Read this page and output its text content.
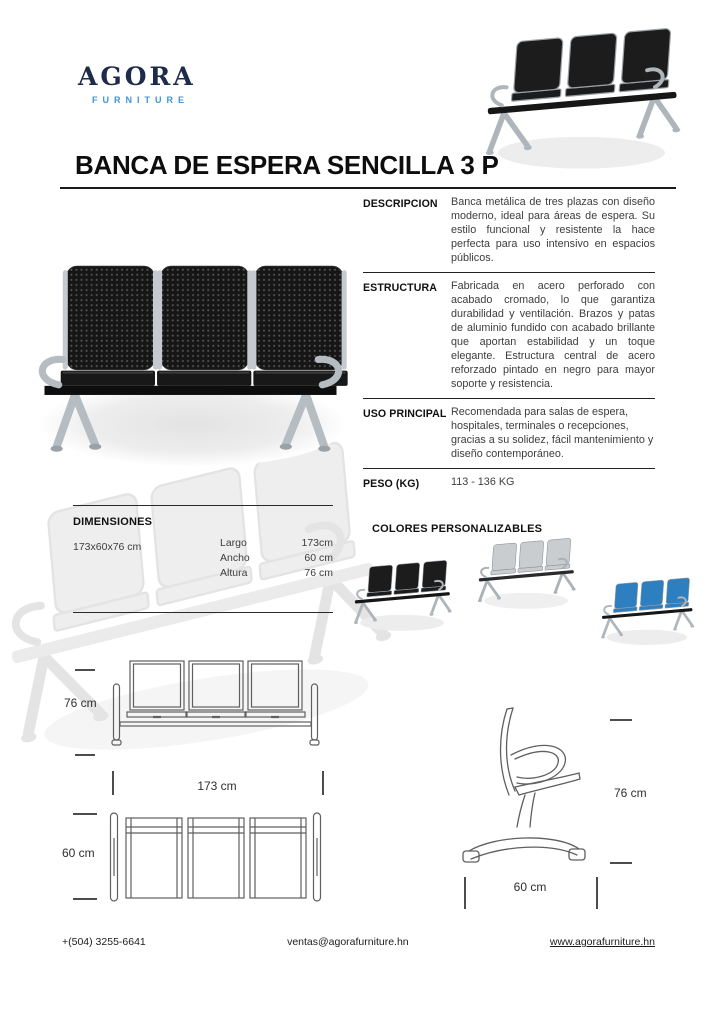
AGORA
FURNITURE
BANCA DE ESPERA SENCILLA 3 P
DESCRIPCION	Banca metálica de tres plazas con diseño moderno, ideal para áreas de espera. Su estilo funcional y resistente la hace perfecta para uso intensivo en espacios públicos.
ESTRUCTURA	Fabricada en acero perforado con acabado cromado, lo que garantiza durabilidad y ventilación. Brazos y patas de aluminio fundido con acabado brillante que aportan estabilidad y un toque elegante. Estructura central de acero reforzado pintado en negro para mayor soporte y resistencia.
USO PRINCIPAL Recomendada para salas de espera, hospitales, terminales o recepciones, gracias a su solidez, fácil mantenimiento y diseño contemporáneo.
PESO (KG)	113 - 136 KG
DIMENSIONES
173x60x76 cm	Largo	173cm
Ancho	60 cm
Altura	76 cm
COLORES PERSONALIZABLES
76 cm
173 cm
60 cm
76 cm
60 cm
+(504) 3255-6641	ventas@agorafurniture.hn	www.agorafurniture.hn
